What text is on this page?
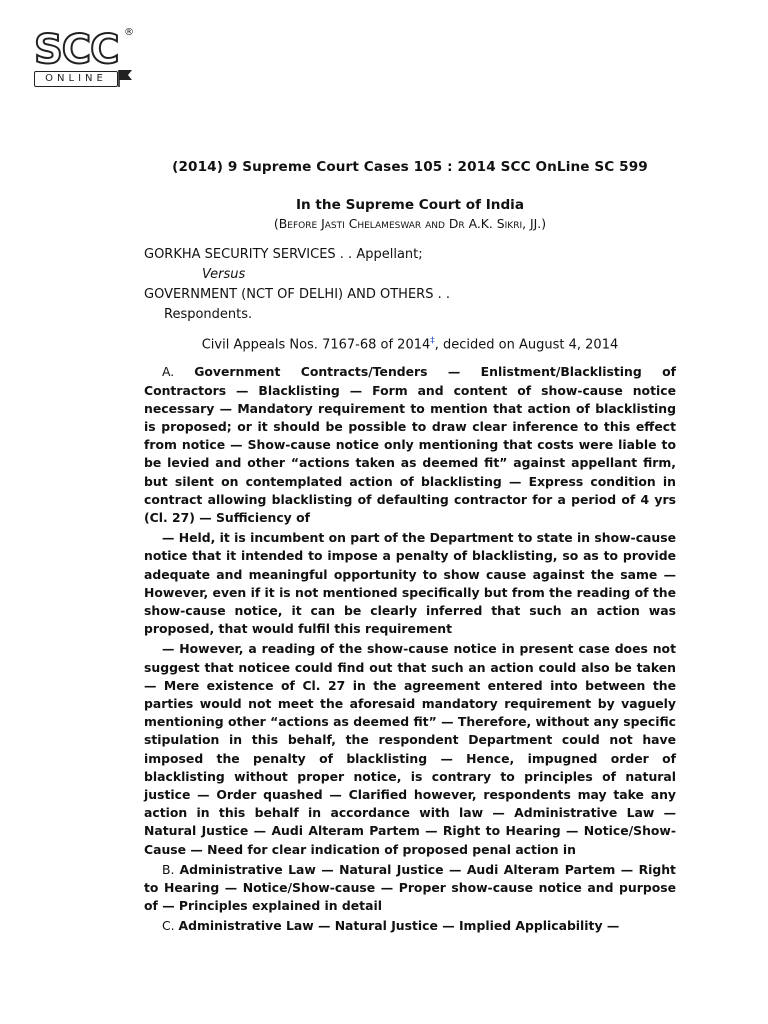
SCC ®
ONLINE

(2014) 9 Supreme Court Cases 105 : 2014 SCC OnLine SC 599

In the Supreme Court of India

(Before Jasti Chelameswar and Dr A.K. Sikri, JJ.)

GORKHA SECURITY SERVICES . . Appellant;

Versus

GOVERNMENT (NCT OF DELHI) AND OTHERS . .
Respondents.

Civil Appeals Nos. 7167-68 of 2014‡, decided on August 4, 2014

A. Government Contracts/Tenders — Enlistment/Blacklisting of Contractors — Blacklisting — Form and content of show-cause notice necessary — Mandatory requirement to mention that action of blacklisting is proposed; or it should be possible to draw clear inference to this effect from notice — Show-cause notice only mentioning that costs were liable to be levied and other “actions taken as deemed fit” against appellant firm, but silent on contemplated action of blacklisting — Express condition in contract allowing blacklisting of defaulting contractor for a period of 4 yrs (Cl. 27) — Sufficiency of

— Held, it is incumbent on part of the Department to state in show-cause notice that it intended to impose a penalty of blacklisting, so as to provide adequate and meaningful opportunity to show cause against the same — However, even if it is not mentioned specifically but from the reading of the show-cause notice, it can be clearly inferred that such an action was proposed, that would fulfil this requirement

— However, a reading of the show-cause notice in present case does not suggest that noticee could find out that such an action could also be taken — Mere existence of Cl. 27 in the agreement entered into between the parties would not meet the aforesaid mandatory requirement by vaguely mentioning other “actions as deemed fit” — Therefore, without any specific stipulation in this behalf, the respondent Department could not have imposed the penalty of blacklisting — Hence, impugned order of blacklisting without proper notice, is contrary to principles of natural justice — Order quashed — Clarified however, respondents may take any action in this behalf in accordance with law — Administrative Law — Natural Justice — Audi Alteram Partem — Right to Hearing — Notice/Show-Cause — Need for clear indication of proposed penal action in

B. Administrative Law — Natural Justice — Audi Alteram Partem — Right to Hearing — Notice/Show-cause — Proper show-cause notice and purpose of — Principles explained in detail

C. Administrative Law — Natural Justice — Implied Applicability —
